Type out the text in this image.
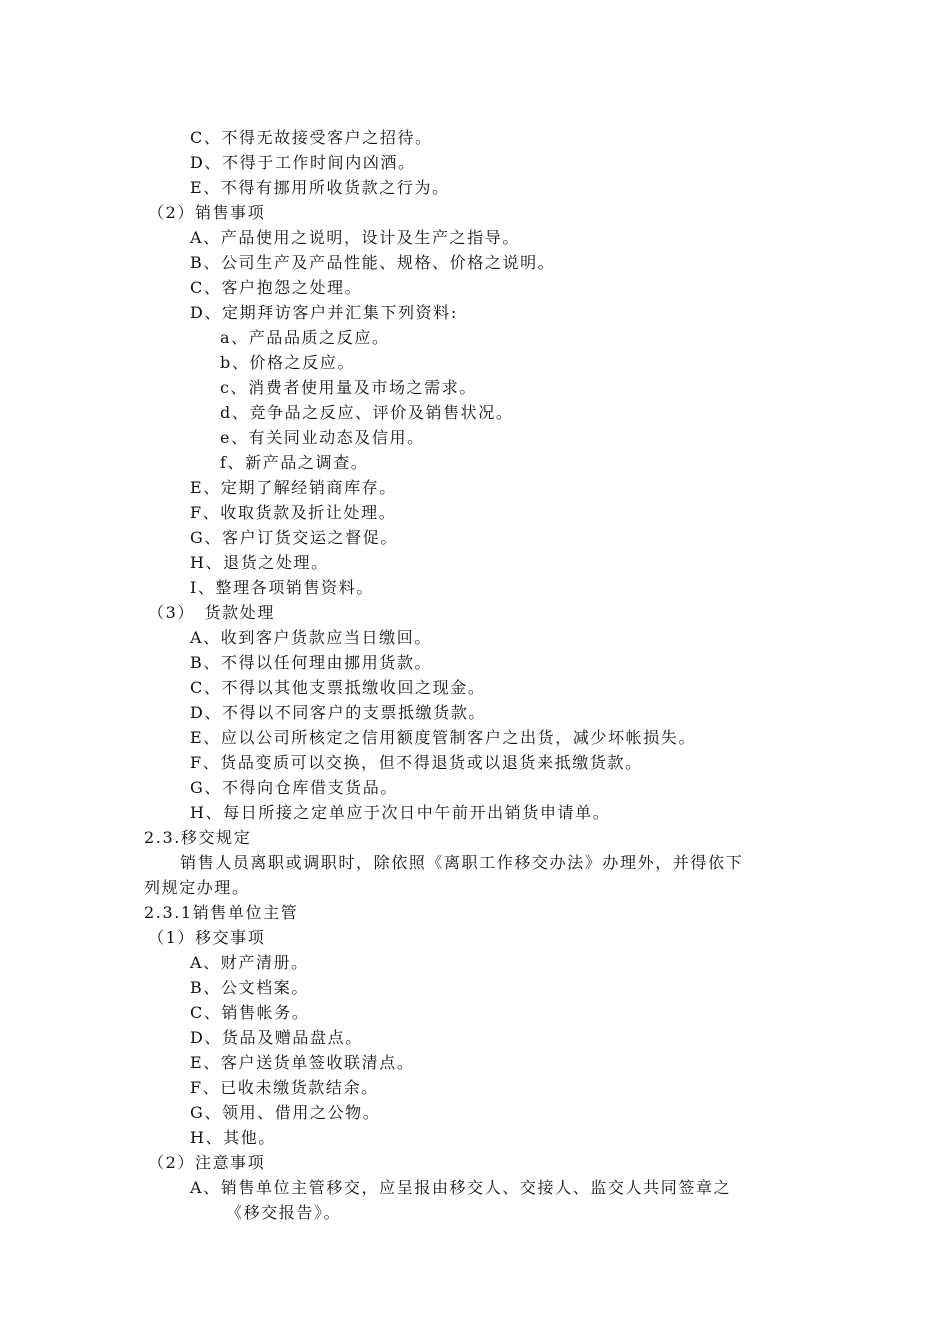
C、不得无故接受客户之招待。
D、不得于工作时间内凶酒。
E、不得有挪用所收货款之行为。
（2）销售事项
A、产品使用之说明，设计及生产之指导。
B、公司生产及产品性能、规格、价格之说明。
C、客户抱怨之处理。
D、定期拜访客户并汇集下列资料:
a、产品品质之反应。
b、价格之反应。
c、消费者使用量及市场之需求。
d、竞争品之反应、评价及销售状况。
e、有关同业动态及信用。
f、新产品之调查。
E、定期了解经销商库存。
F、收取货款及折让处理。
G、客户订货交运之督促。
H、退货之处理。
I、整理各项销售资料。
（3）　货款处理
A、收到客户货款应当日缴回。
B、不得以任何理由挪用货款。
C、不得以其他支票抵缴收回之现金。
D、不得以不同客户的支票抵缴货款。
E、应以公司所核定之信用额度管制客户之出货，减少坏帐损失。
F、货品变质可以交换，但不得退货或以退货来抵缴货款。
G、不得向仓库借支货品。
H、每日所接之定单应于次日中午前开出销货申请单。
2.3.移交规定
销售人员离职或调职时，除依照《离职工作移交办法》办理外，并得依下
列规定办理。
2.3.1销售单位主管
（1）移交事项
A、财产清册。
B、公文档案。
C、销售帐务。
D、货品及赠品盘点。
E、客户送货单签收联清点。
F、已收未缴货款结余。
G、领用、借用之公物。
H、其他。
（2）注意事项
A、销售单位主管移交，应呈报由移交人、交接人、监交人共同签章之
《移交报告》。
